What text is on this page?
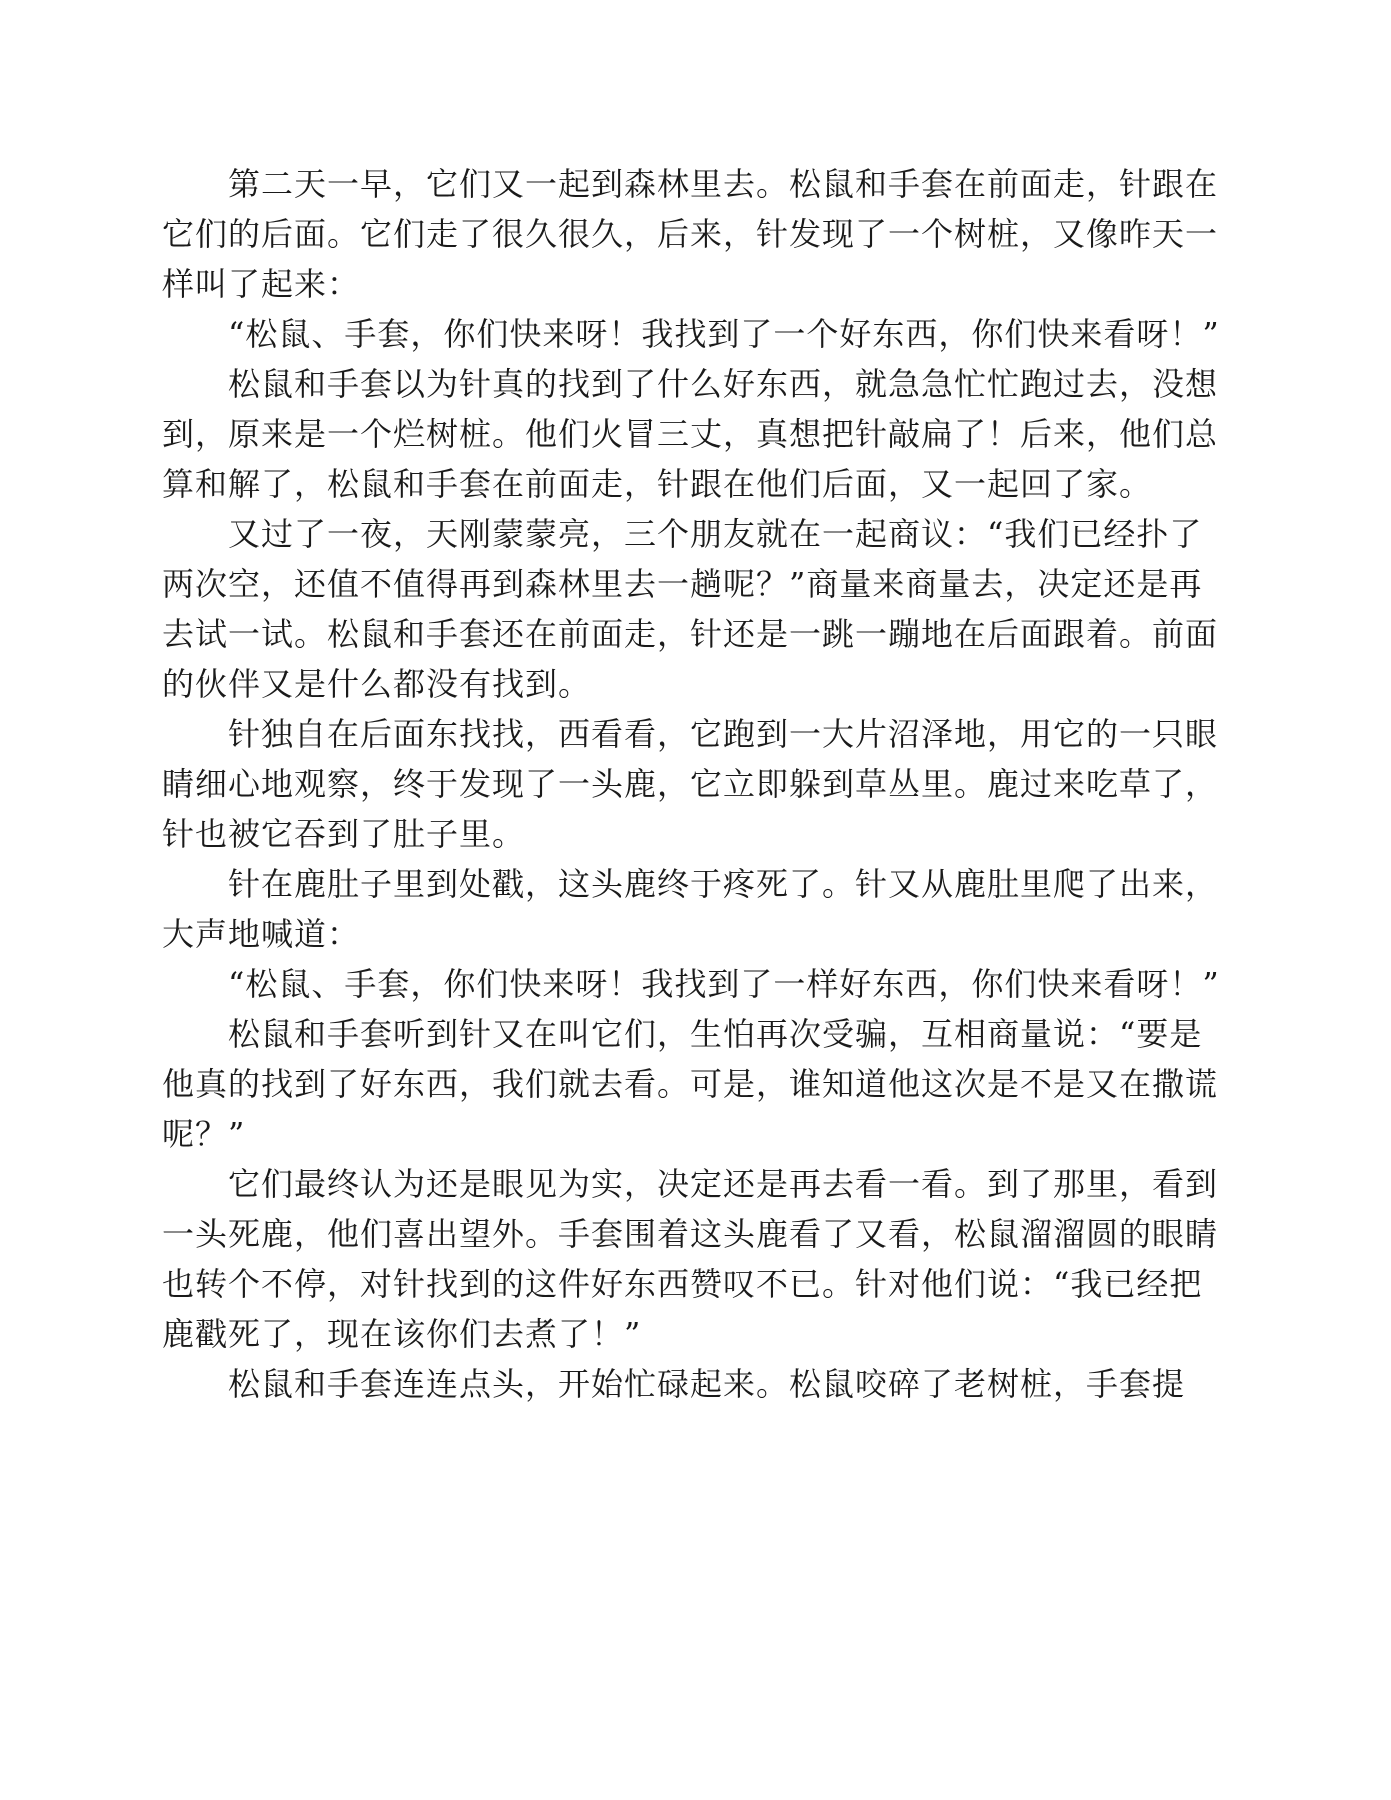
第二天一早，它们又一起到森林里去。松鼠和手套在前面走，针跟在它们的后面。它们走了很久很久，后来，针发现了一个树桩，又像昨天一样叫了起来：

“松鼠、手套，你们快来呀！我找到了一个好东西，你们快来看呀！”

松鼠和手套以为针真的找到了什么好东西，就急急忙忙跑过去，没想到，原来是一个烂树桩。他们火冒三丈，真想把针敲扁了！后来，他们总算和解了，松鼠和手套在前面走，针跟在他们后面，又一起回了家。

又过了一夜，天刚蒙蒙亮，三个朋友就在一起商议：“我们已经扑了两次空，还值不值得再到森林里去一趟呢？”商量来商量去，决定还是再去试一试。松鼠和手套还在前面走，针还是一跳一蹦地在后面跟着。前面的伙伴又是什么都没有找到。

针独自在后面东找找，西看看，它跑到一大片沼泽地，用它的一只眼睛细心地观察，终于发现了一头鹿，它立即躲到草丛里。鹿过来吃草了，针也被它吞到了肚子里。

针在鹿肚子里到处戳，这头鹿终于疼死了。针又从鹿肚里爬了出来，大声地喊道：

“松鼠、手套，你们快来呀！我找到了一样好东西，你们快来看呀！”

松鼠和手套听到针又在叫它们，生怕再次受骗，互相商量说：“要是他真的找到了好东西，我们就去看。可是，谁知道他这次是不是又在撒谎呢？”

它们最终认为还是眼见为实，决定还是再去看一看。到了那里，看到一头死鹿，他们喜出望外。手套围着这头鹿看了又看，松鼠溜溜圆的眼睛也转个不停，对针找到的这件好东西赞叹不已。针对他们说：“我已经把鹿戳死了，现在该你们去煮了！”

松鼠和手套连连点头，开始忙碌起来。松鼠咬碎了老树桩，手套提
